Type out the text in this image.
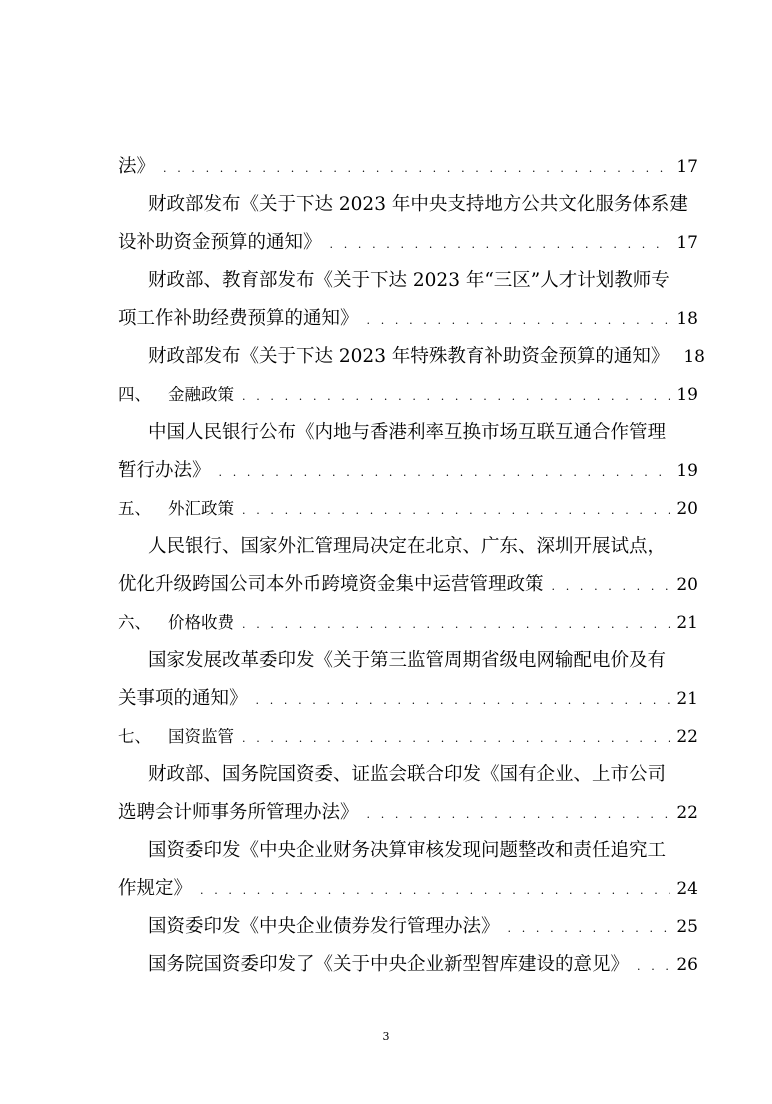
法》 . . .	17
财政部发布《关于下达 2023 年中央支持地方公共文化服务体系建
设补助资金预算的通知》 . . .	17
财政部、教育部发布《关于下达 2023 年“三区”人才计划教师专
项工作补助经费预算的通知》 . . .	18
财政部发布《关于下达 2023 年特殊教育补助资金预算的通知》 18
四、 金融政策 . . .	19
中国人民银行公布《内地与香港利率互换市场互联互通合作管理
暂行办法》 . . .	19
五、 外汇政策 . . .	20
人民银行、国家外汇管理局决定在北京、广东、深圳开展试点，
优化升级跨国公司本外币跨境资金集中运营管理政策 . . .	20
六、 价格收费 . . .	21
国家发展改革委印发《关于第三监管周期省级电网输配电价及有
关事项的通知》 . . .	21
七、 国资监管 . . .	22
财政部、国务院国资委、证监会联合印发《国有企业、上市公司
选聘会计师事务所管理办法》 . . .	22
国资委印发《中央企业财务决算审核发现问题整改和责任追究工
作规定》 . . .	24
国资委印发《中央企业债券发行管理办法》 . . .	25
国务院国资委印发了《关于中央企业新型智库建设的意见》 . . .	26
3
